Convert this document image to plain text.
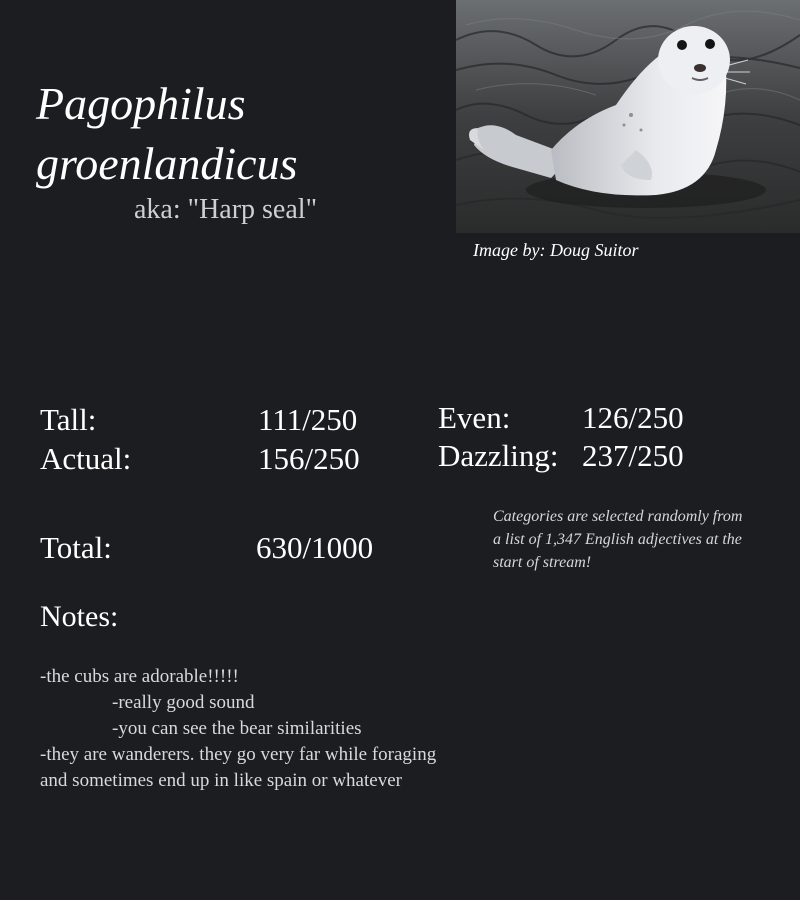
Pagophilus groenlandicus
aka: "Harp seal"
Image by: Doug Suitor
Tall:	111/250
Actual:	156/250
Even: 126/250
Dazzling: 237/250
Total:	630/1000
Categories are selected randomly from a list of 1,347 English adjectives at the start of stream!
Notes:
-the cubs are adorable!!!!!
-really good sound
-you can see the bear similarities
-they are wanderers. they go very far while foraging
and sometimes end up in like spain or whatever
